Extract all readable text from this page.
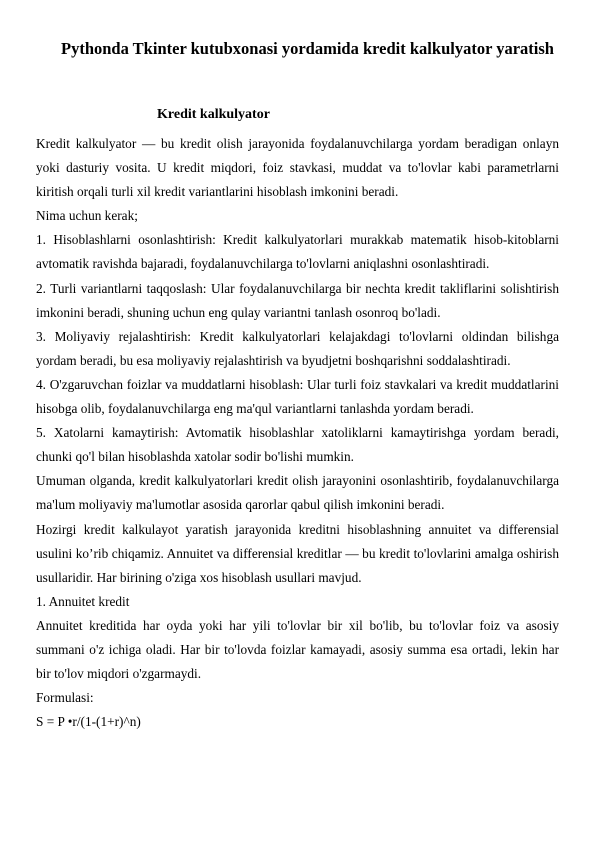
Pythonda Tkinter kutubxonasi yordamida kredit kalkulyator yaratish
Kredit kalkulyator

Kredit kalkulyator — bu kredit olish jarayonida foydalanuvchilarga yordam beradigan onlayn yoki dasturiy vosita. U kredit miqdori, foiz stavkasi, muddat va to'lovlar kabi parametrlarni kiritish orqali turli xil kredit variantlarini hisoblash imkonini beradi.

Nima uchun kerak;

1. Hisoblashlarni osonlashtirish: Kredit kalkulyatorlari murakkab matematik hisob-kitoblarni avtomatik ravishda bajaradi, foydalanuvchilarga to'lovlarni aniqlashni osonlashtiradi.

2. Turli variantlarni taqqoslash: Ular foydalanuvchilarga bir nechta kredit takliflarini solishtirish imkonini beradi, shuning uchun eng qulay variantni tanlash osonroq bo'ladi.

3. Moliyaviy rejalashtirish: Kredit kalkulyatorlari kelajakdagi to'lovlarni oldindan bilishga yordam beradi, bu esa moliyaviy rejalashtirish va byudjetni boshqarishni soddalashtiradi.

4. O'zgaruvchan foizlar va muddatlarni hisoblash: Ular turli foiz stavkalari va kredit muddatlarini hisobga olib, foydalanuvchilarga eng ma'qul variantlarni tanlashda yordam beradi.

5. Xatolarni kamaytirish: Avtomatik hisoblashlar xatoliklarni kamaytirishga yordam beradi, chunki qo'l bilan hisoblashda xatolar sodir bo'lishi mumkin.

Umuman olganda, kredit kalkulyatorlari kredit olish jarayonini osonlashtirib, foydalanuvchilarga ma'lum moliyaviy ma'lumotlar asosida qarorlar qabul qilish imkonini beradi.

Hozirgi kredit kalkulayot yaratish jarayonida kreditni hisoblashning annuitet va differensial usulini ko’rib chiqamiz. Annuitet va differensial kreditlar — bu kredit to'lovlarini amalga oshirish usullaridir. Har birining o'ziga xos hisoblash usullari mavjud.

1. Annuitet kredit

Annuitet kreditida har oyda yoki har yili to'lovlar bir xil bo'lib, bu to'lovlar foiz va asosiy summani o'z ichiga oladi. Har bir to'lovda foizlar kamayadi, asosiy summa esa ortadi, lekin har bir to'lov miqdori o'zgarmaydi.

Formulasi:

S = P •r/(1-(1+r)^n)
